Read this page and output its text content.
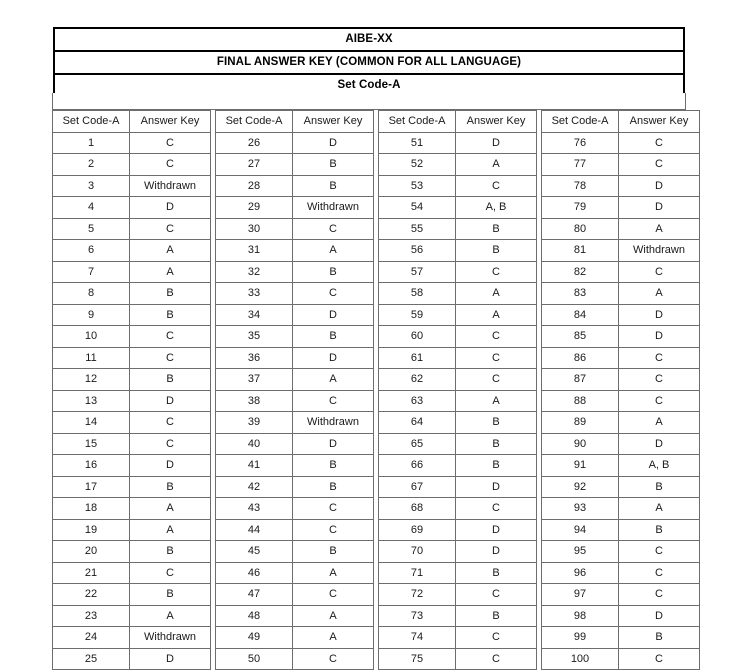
AIBE-XX
FINAL ANSWER KEY (COMMON FOR ALL LANGUAGE)
Set Code-A
Set Code-A	Answer Key		Set Code-A	Answer Key		Set Code-A	Answer Key		Set Code-A	Answer Key
1	C		26	D		51	D		76	C
2	C		27	B		52	A		77	C
3	Withdrawn		28	B		53	C		78	D
4	D		29	Withdrawn		54	A, B		79	D
5	C		30	C		55	B		80	A
6	A		31	A		56	B		81	Withdrawn
7	A		32	B		57	C		82	C
8	B		33	C		58	A		83	A
9	B		34	D		59	A		84	D
10	C		35	B		60	C		85	D
11	C		36	D		61	C		86	C
12	B		37	A		62	C		87	C
13	D		38	C		63	A		88	C
14	C		39	Withdrawn		64	B		89	A
15	C		40	D		65	B		90	D
16	D		41	B		66	B		91	A, B
17	B		42	B		67	D		92	B
18	A		43	C		68	C		93	A
19	A		44	C		69	D		94	B
20	B		45	B		70	D		95	C
21	C		46	A		71	B		96	C
22	B		47	C		72	C		97	C
23	A		48	A		73	B		98	D
24	Withdrawn		49	A		74	C		99	B
25	D		50	C		75	C		100	C
